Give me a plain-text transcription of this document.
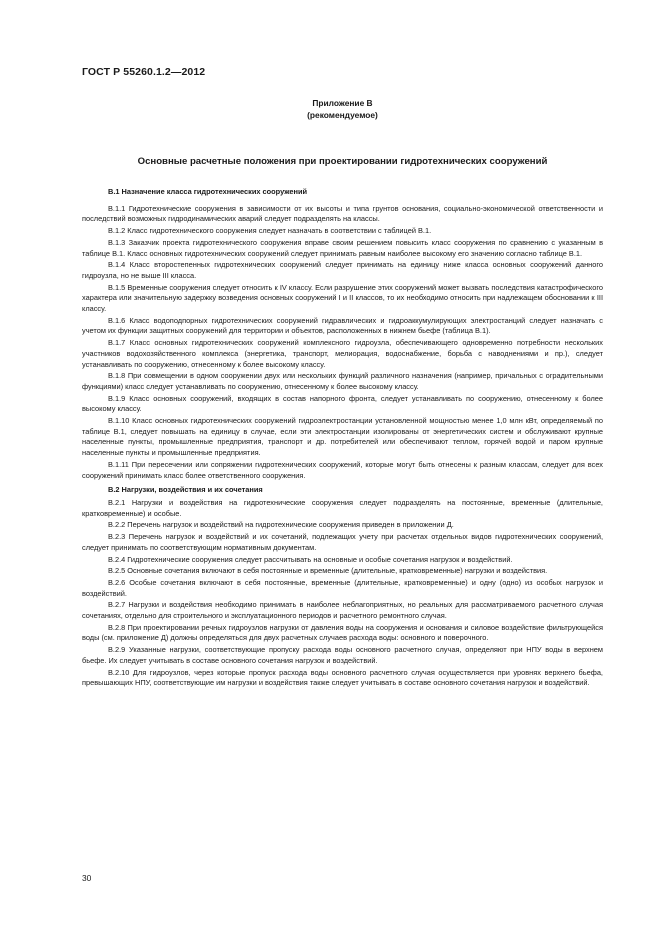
ГОСТ Р 55260.1.2—2012
Приложение В
(рекомендуемое)
Основные расчетные положения при проектировании гидротехнических сооружений
В.1 Назначение класса гидротехнических сооружений

В.1.1 Гидротехнические сооружения в зависимости от их высоты и типа грунтов основания, социально-экономической ответственности и последствий возможных гидродинамических аварий следует подразделять на классы.

В.1.2 Класс гидротехнического сооружения следует назначать в соответствии с таблицей В.1.

В.1.3 Заказчик проекта гидротехнического сооружения вправе своим решением повысить класс сооружения по сравнению с указанным в таблице В.1. Класс основных гидротехнических сооружений следует принимать равным наиболее высокому его значению согласно таблице В.1.

В.1.4 Класс второстепенных гидротехнических сооружений следует принимать на единицу ниже класса основных сооружений данного гидроузла, но не выше III класса.

В.1.5 Временные сооружения следует относить к IV классу. Если разрушение этих сооружений может вызвать последствия катастрофического характера или значительную задержку возведения основных сооружений I и II классов, то их необходимо относить при надлежащем обосновании к III классу.

В.1.6 Класс водоподпорных гидротехнических сооружений гидравлических и гидроаккумулирующих электростанций следует назначать с учетом их функции защитных сооружений для территории и объектов, расположенных в нижнем бьефе (таблица В.1).

В.1.7 Класс основных гидротехнических сооружений комплексного гидроузла, обеспечивающего одновременно потребности нескольких участников водохозяйственного комплекса (энергетика, транспорт, мелиорация, водоснабжение, борьба с наводнениями и пр.), следует устанавливать по сооружению, отнесенному к более высокому классу.

В.1.8 При совмещении в одном сооружении двух или нескольких функций различного назначения (например, причальных с оградительными функциями) класс следует устанавливать по сооружению, отнесенному к более высокому классу.

В.1.9 Класс основных сооружений, входящих в состав напорного фронта, следует устанавливать по сооружению, отнесенному к более высокому классу.

В.1.10 Класс основных гидротехнических сооружений гидроэлектростанции установленной мощностью менее 1,0 млн кВт, определяемый по таблице В.1, следует повышать на единицу в случае, если эти электростанции изолированы от энергетических систем и обслуживают крупные населенные пункты, промышленные предприятия, транспорт и др. потребителей или обеспечивают теплом, горячей водой и паром крупные населенные пункты и промышленные предприятия.

В.1.11 При пересечении или сопряжении гидротехнических сооружений, которые могут быть отнесены к разным классам, следует для всех сооружений принимать класс более ответственного сооружения.

В.2 Нагрузки, воздействия и их сочетания

В.2.1 Нагрузки и воздействия на гидротехнические сооружения следует подразделять на постоянные, временные (длительные, кратковременные) и особые.

В.2.2 Перечень нагрузок и воздействий на гидротехнические сооружения приведен в приложении Д.

В.2.3 Перечень нагрузок и воздействий и их сочетаний, подлежащих учету при расчетах отдельных видов гидротехнических сооружений, следует принимать по соответствующим нормативным документам.

В.2.4 Гидротехнические сооружения следует рассчитывать на основные и особые сочетания нагрузок и воздействий.

В.2.5 Основные сочетания включают в себя постоянные и временные (длительные, кратковременные) нагрузки и воздействия.

В.2.6 Особые сочетания включают в себя постоянные, временные (длительные, кратковременные) и одну (одно) из особых нагрузок и воздействий.

В.2.7 Нагрузки и воздействия необходимо принимать в наиболее неблагоприятных, но реальных для рассматриваемого расчетного случая сочетаниях, отдельно для строительного и эксплуатационного периодов и расчетного ремонтного случая.

В.2.8 При проектировании речных гидроузлов нагрузки от давления воды на сооружения и основания и силовое воздействие фильтрующейся воды (см. приложение Д) должны определяться для двух расчетных случаев расхода воды: основного и поверочного.

В.2.9 Указанные нагрузки, соответствующие пропуску расхода воды основного расчетного случая, определяют при НПУ воды в верхнем бьефе. Их следует учитывать в составе основного сочетания нагрузок и воздействий.

В.2.10 Для гидроузлов, через которые пропуск расхода воды основного расчетного случая осуществляется при уровнях верхнего бьефа, превышающих НПУ, соответствующие им нагрузки и воздействия также следует учитывать в составе основного сочетания нагрузок и воздействий.

30
